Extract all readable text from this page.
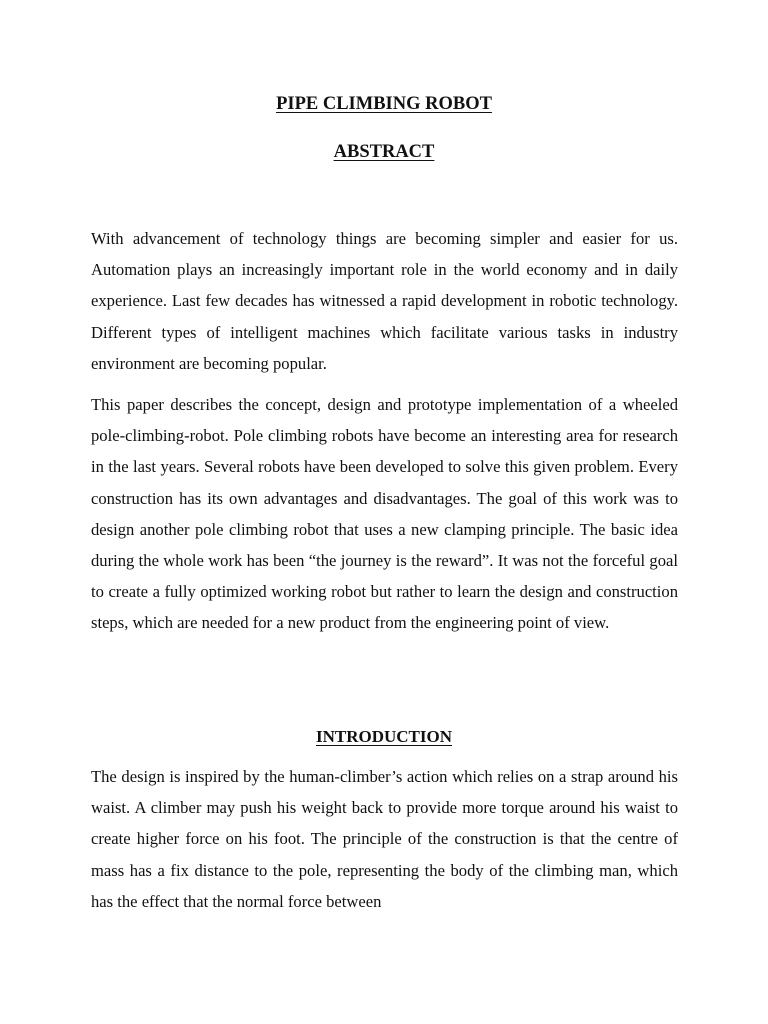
PIPE CLIMBING ROBOT
ABSTRACT

With advancement of technology things are becoming simpler and easier for us. Automation plays an increasingly important role in the world economy and in daily experience. Last few decades has witnessed a rapid development in robotic technology. Different types of intelligent machines which facilitate various tasks in industry environment are becoming popular.

This paper describes the concept, design and prototype implementation of a wheeled pole-climbing-robot. Pole climbing robots have become an interesting area for research in the last years. Several robots have been developed to solve this given problem. Every construction has its own advantages and disadvantages. The goal of this work was to design another pole climbing robot that uses a new clamping principle. The basic idea during the whole work has been “the journey is the reward”. It was not the forceful goal to create a fully optimized working robot but rather to learn the design and construction steps, which are needed for a new product from the engineering point of view.

INTRODUCTION

The design is inspired by the human-climber’s action which relies on a strap around his waist. A climber may push his weight back to provide more torque around his waist to create higher force on his foot. The principle of the construction is that the centre of mass has a fix distance to the pole, representing the body of the climbing man, which has the effect that the normal force between
